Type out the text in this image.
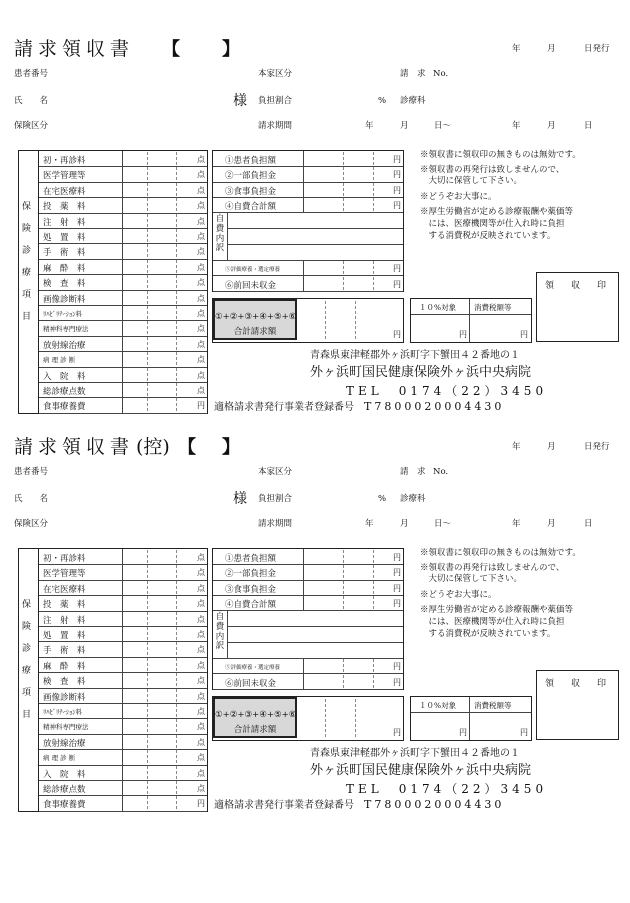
請求領収書 【 】	年	月	日発行
患者番号	本家区分	請　求 No.
氏　　名	様 負担割合	% 診療科
保険区分	請求期間	年	月	日〜	年	月	日
保
険
診
療
項
目
初・再診料	点
医学管理等	点
在宅医療料	点
投　薬　料	点
注　射　料	点
処　置　料	点
手　術　料	点
麻　酔　料	点
検　査　料	点
画像診断料	点
ﾘﾊﾋﾞﾘﾃｰｼｮﾝ料	点
精神科専門療法	点
放射線治療	点
病 理 診 断	点
入　院　料	点
総診療点数	点
食事療養費	円
①患者負担額	円
②一部負担金	円
③食事負担金	円
④自費合計額	円
自費内訳
⑤評価療養・選定療養	円
⑥前回未収金	円
①+②+③+④+⑤+⑥
合計請求額	円
１０%対象 消費税額等
円	円
領　収　印
※領収書に領収印の無きものは無効です。
※領収書の再発行は致しませんので、
　大切に保管して下さい。
※どうぞお大事に。
※厚生労働省が定める診療報酬や薬価等
　には、医療機関等が仕入れ時に負担
　する消費税が反映されています。
青森県東津軽郡外ヶ浜町字下蟹田４２番地の１
外ヶ浜町国民健康保険外ヶ浜中央病院
TEL　0174（22）3450
適格請求書発行事業者登録番号　 T7800020004430
請求領収書 (控) 【 】	年	月	日発行
患者番号	本家区分	請　求 No.
氏　　名	様 負担割合	% 診療科
保険区分	請求期間	年	月	日〜	年	月	日
保
険
診
療
項
目
初・再診料	点
医学管理等	点
在宅医療料	点
投　薬　料	点
注　射　料	点
処　置　料	点
手　術　料	点
麻　酔　料	点
検　査　料	点
画像診断料	点
ﾘﾊﾋﾞﾘﾃｰｼｮﾝ料	点
精神科専門療法	点
放射線治療	点
病 理 診 断	点
入　院　料	点
総診療点数	点
食事療養費	円
①患者負担額	円
②一部負担金	円
③食事負担金	円
④自費合計額	円
自費内訳
⑤評価療養・選定療養	円
⑥前回未収金	円
①+②+③+④+⑤+⑥
合計請求額	円
１０%対象 消費税額等
円	円
領　収　印
※領収書に領収印の無きものは無効です。
※領収書の再発行は致しませんので、
　大切に保管して下さい。
※どうぞお大事に。
※厚生労働省が定める診療報酬や薬価等
　には、医療機関等が仕入れ時に負担
　する消費税が反映されています。
青森県東津軽郡外ヶ浜町字下蟹田４２番地の１
外ヶ浜町国民健康保険外ヶ浜中央病院
TEL　0174（22）3450
適格請求書発行事業者登録番号　 T7800020004430
